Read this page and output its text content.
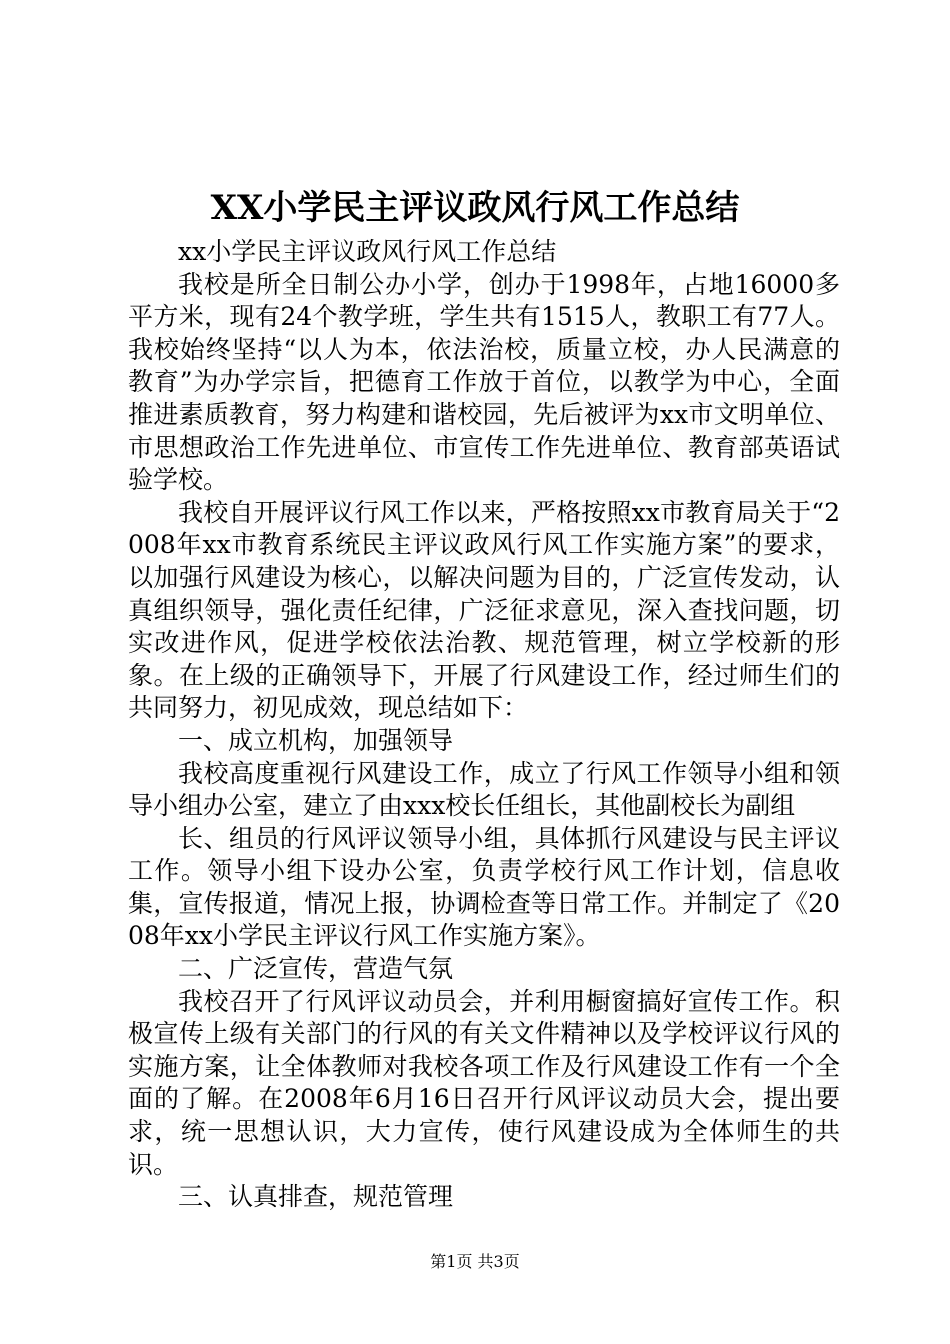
XX小学民主评议政风行风工作总结

xx小学民主评议政风行风工作总结

我校是所全日制公办小学，创办于1998年，占地16000多平方米，现有24个教学班，学生共有1515人，教职工有77人。我校始终坚持“以人为本，依法治校，质量立校，办人民满意的教育”为办学宗旨，把德育工作放于首位，以教学为中心，全面推进素质教育，努力构建和谐校园，先后被评为xx市文明单位、市思想政治工作先进单位、市宣传工作先进单位、教育部英语试验学校。

我校自开展评议行风工作以来，严格按照xx市教育局关于“2008年xx市教育系统民主评议政风行风工作实施方案”的要求，以加强行风建设为核心，以解决问题为目的，广泛宣传发动，认真组织领导，强化责任纪律，广泛征求意见，深入查找问题，切实改进作风，促进学校依法治教、规范管理，树立学校新的形象。在上级的正确领导下，开展了行风建设工作，经过师生们的共同努力，初见成效，现总结如下：

一、成立机构，加强领导

我校高度重视行风建设工作，成立了行风工作领导小组和领导小组办公室，建立了由xxx校长任组长，其他副校长为副组

长、组员的行风评议领导小组，具体抓行风建设与民主评议工作。领导小组下设办公室，负责学校行风工作计划，信息收集，宣传报道，情况上报，协调检查等日常工作。并制定了《2008年xx小学民主评议行风工作实施方案》。

二、广泛宣传，营造气氛

我校召开了行风评议动员会，并利用橱窗搞好宣传工作。积极宣传上级有关部门的行风的有关文件精神以及学校评议行风的实施方案，让全体教师对我校各项工作及行风建设工作有一个全面的了解。在2008年6月16日召开行风评议动员大会，提出要求，统一思想认识，大力宣传，使行风建设成为全体师生的共识。

三、认真排查，规范管理

第1页 共3页
